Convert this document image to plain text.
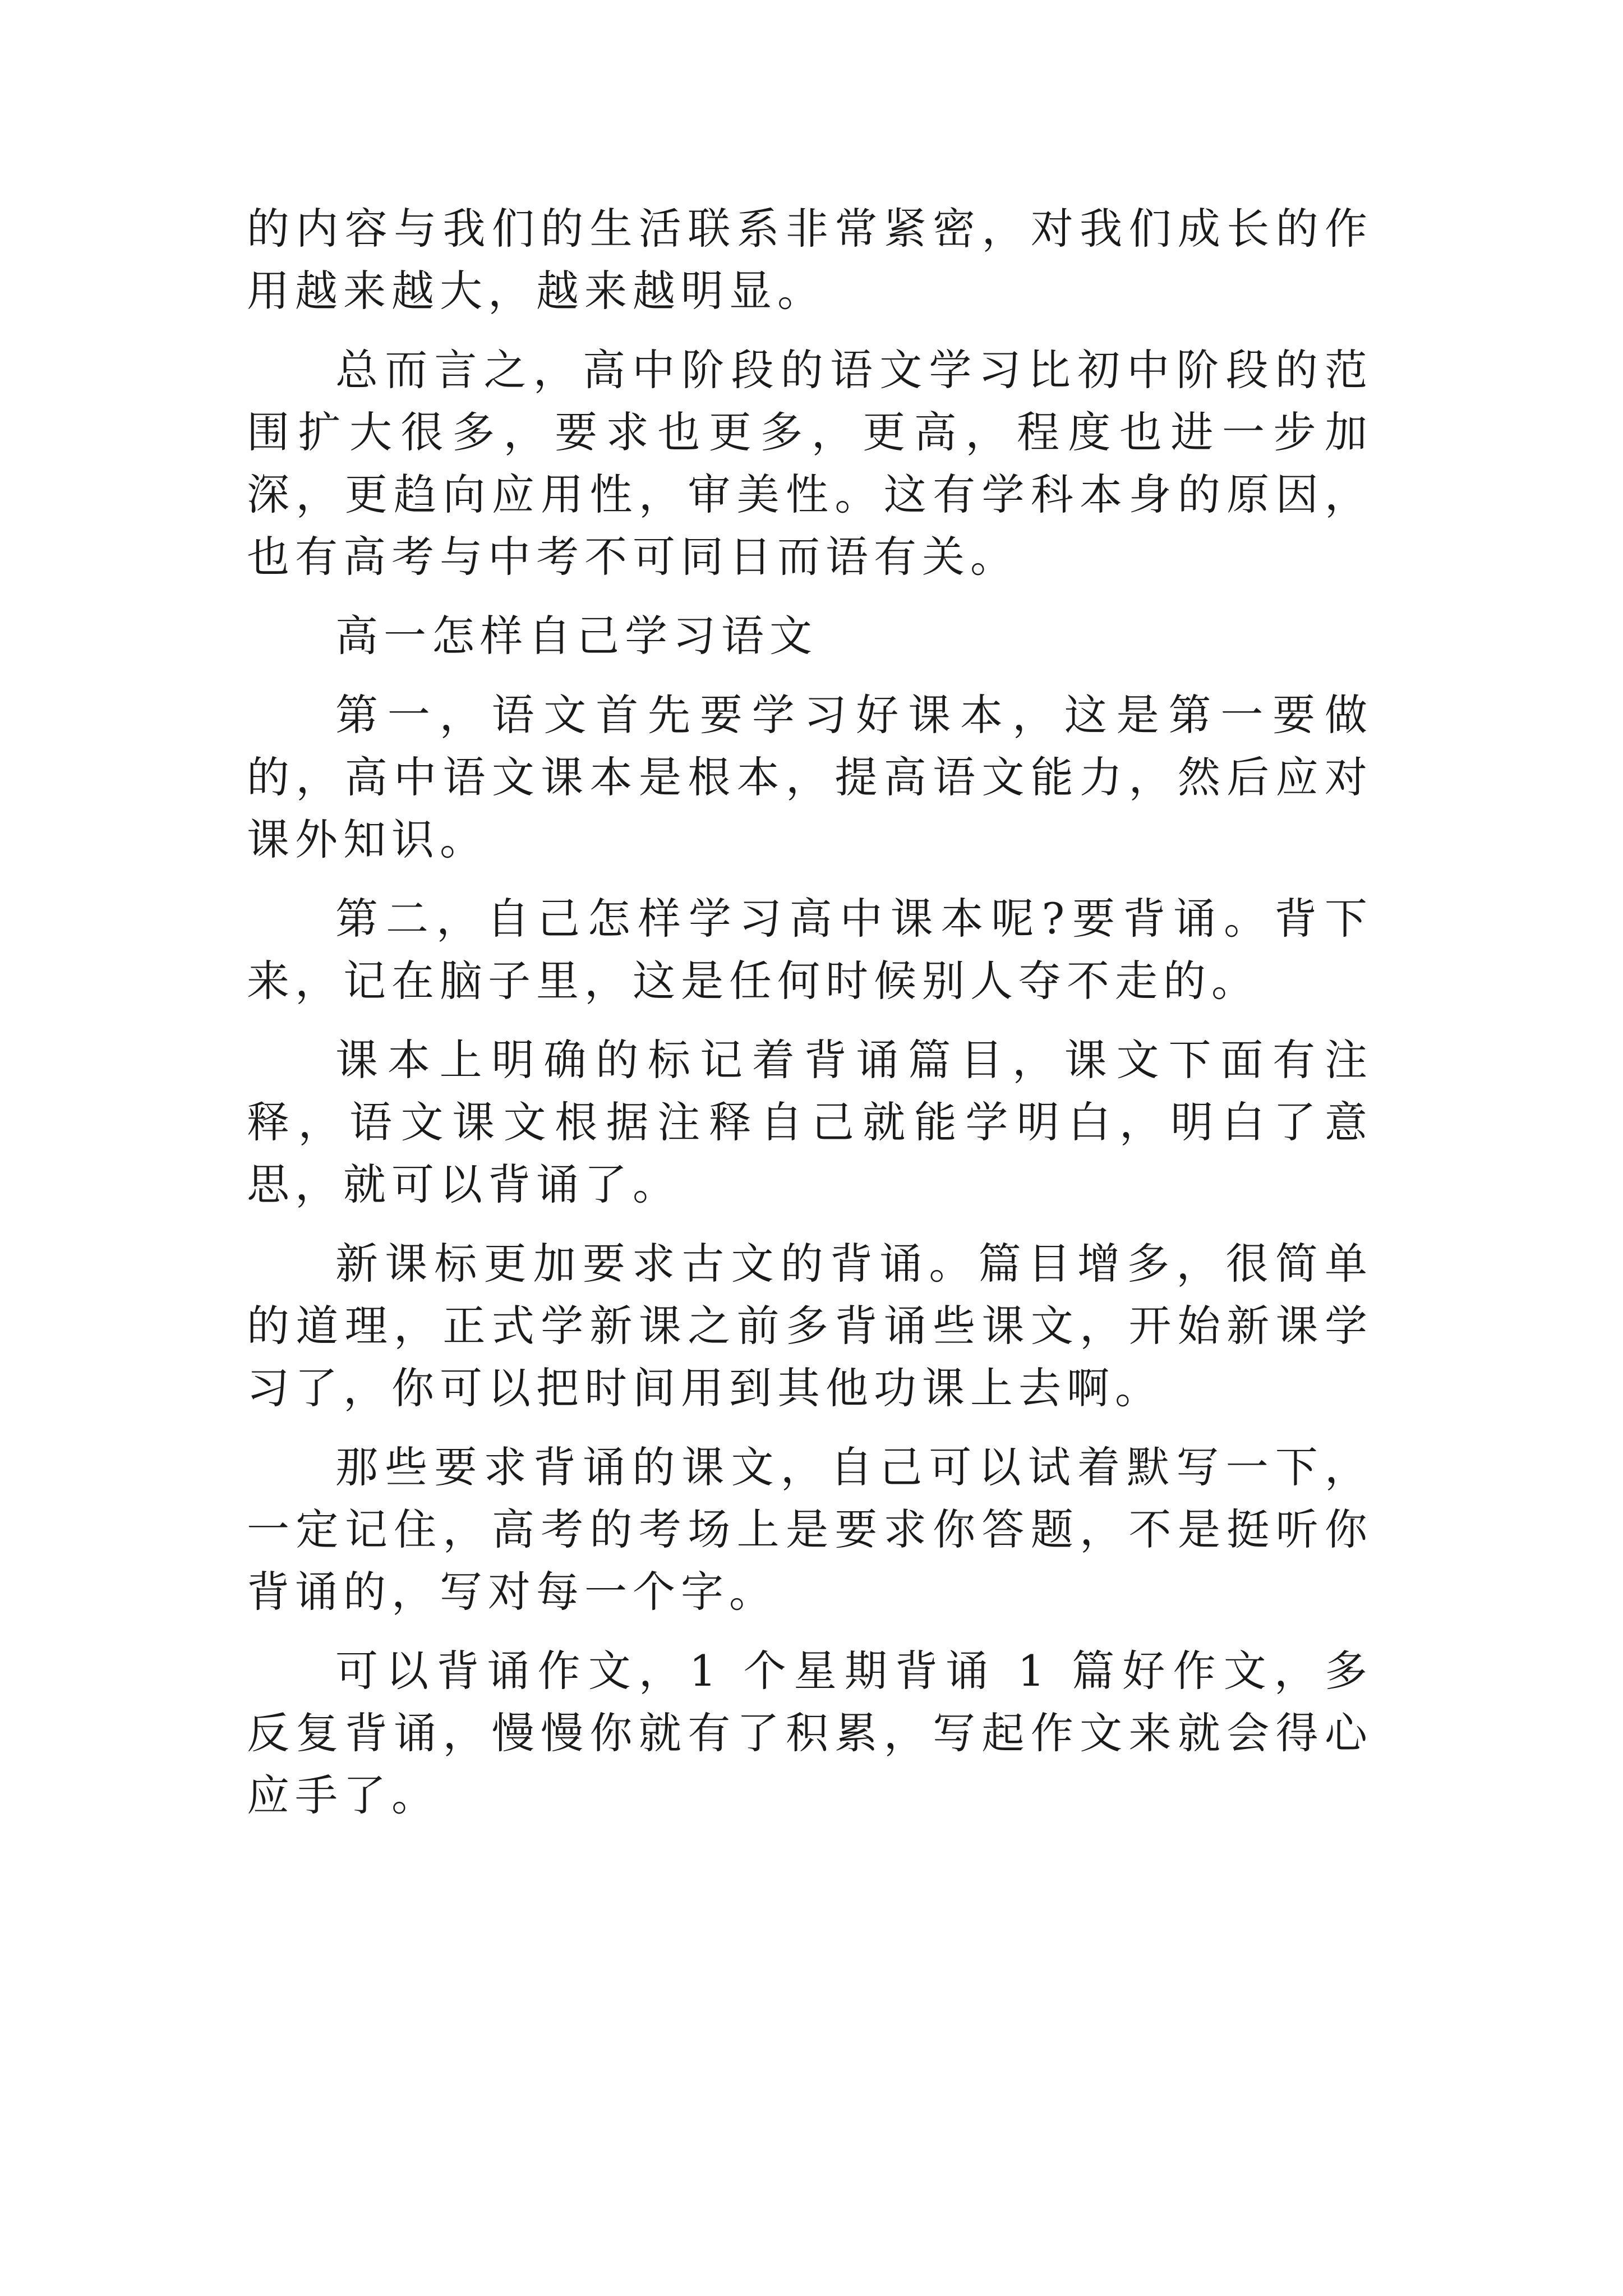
的内容与我们的生活联系非常紧密，对我们成长的作用越来越大，越来越明显。

总而言之，高中阶段的语文学习比初中阶段的范围扩大很多，要求也更多，更高，程度也进一步加深，更趋向应用性，审美性。这有学科本身的原因，也有高考与中考不可同日而语有关。

高一怎样自己学习语文

第一，语文首先要学习好课本，这是第一要做的，高中语文课本是根本，提高语文能力，然后应对课外知识。

第二，自己怎样学习高中课本呢?要背诵。背下来，记在脑子里，这是任何时候别人夺不走的。

课本上明确的标记着背诵篇目，课文下面有注释，语文课文根据注释自己就能学明白，明白了意思，就可以背诵了。

新课标更加要求古文的背诵。篇目增多，很简单的道理，正式学新课之前多背诵些课文，开始新课学习了，你可以把时间用到其他功课上去啊。

那些要求背诵的课文，自己可以试着默写一下，一定记住，高考的考场上是要求你答题，不是挺听你背诵的，写对每一个字。

可以背诵作文，1 个星期背诵 1 篇好作文，多反复背诵，慢慢你就有了积累，写起作文来就会得心应手了。
